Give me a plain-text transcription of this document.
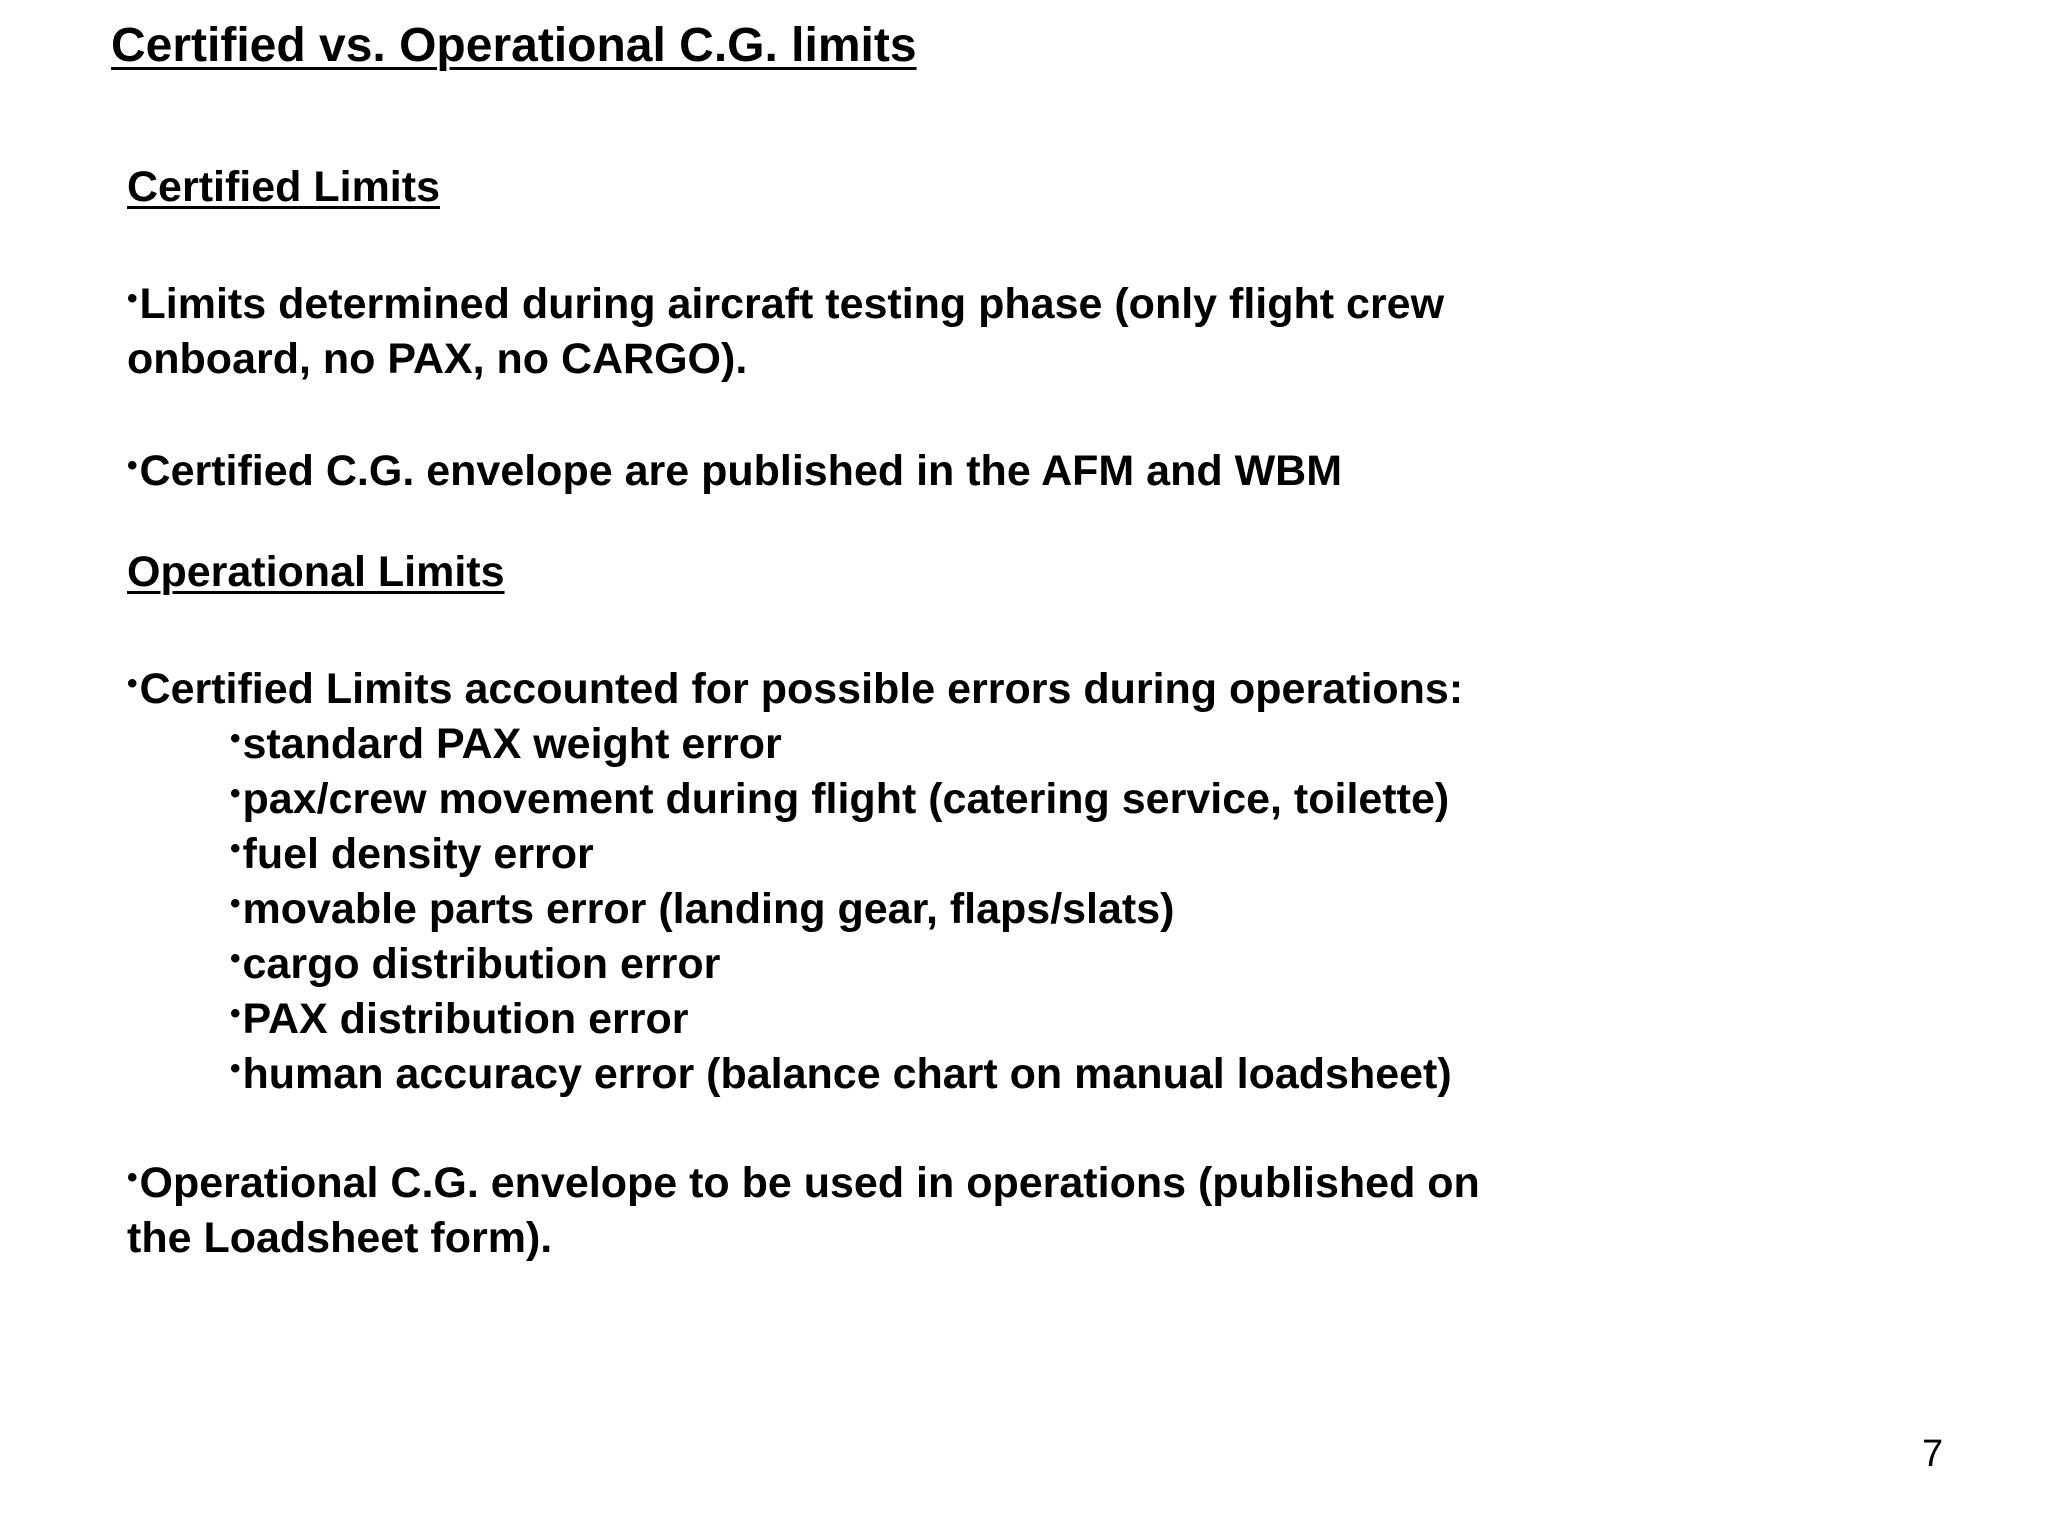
Certified vs. Operational C.G. limits
Certified Limits

•Limits determined during aircraft testing phase (only flight crew
onboard, no PAX, no CARGO).

•Certified C.G. envelope are published in the AFM and WBM

Operational Limits

•Certified Limits accounted for possible errors during operations:

•standard PAX weight error
•pax/crew movement during flight (catering service, toilette)
•fuel density error
•movable parts error (landing gear, flaps/slats)
•cargo distribution error
•PAX distribution error
•human accuracy error (balance chart on manual loadsheet)

•Operational C.G. envelope to be used in operations (published on
the Loadsheet form).

7
